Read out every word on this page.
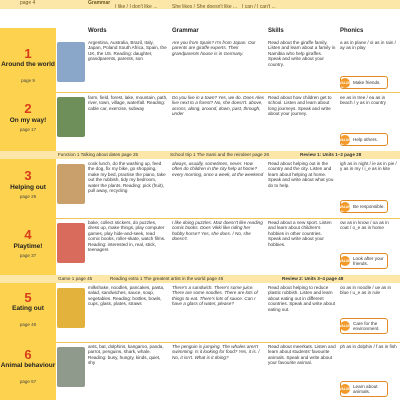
page 4	Grammar
I like / I don't like ...	She likes / She doesn't like ... I can / I can't ...
Words	Grammar	Skills	Phonics
1
Around the world
page 9
Argentina, Australia, Brazil, Italy, Japan, Poland South Africa, Spain, the UK, the US. Reading: daughter, grandparents, parents, son
Are you from Spain? I'm from Japan. Our parents are giraffe experts. Their grandparents house is in Germany.
Read about the giraffe family. Listen and learn about a family in Namibia who help giraffes. Speak and write about your country.
a as in plane / oi as in rain / ay as in play
VALUE Make friends.
2
On my way!
page 17
farm, field, forest, lake, mountain, path, river, town, village, waterfall. Reading: cable car, exercise, subway
Do you live in a town? Yes, we do. Does Alex live next to a forest? No, she doesn't. above, across, along, around, down, past, through, under
Read about how children get to school. Listen and learn about long journeys. Speak and write about your journey.
ee as in tree / ea as in beach / y as in country
VALUE Help others.
Function 1 Talking about dates page 25	School trip 1 The Sami and the reindeer page 26	Review 1: Units 1–2 page 28
3
Helping out
page 29
cook lunch, do the washing up, feed the dog, fix my bike, go shopping, make my bed, practise the piano, take out the rubbish, tidy my bedroom, water the plants. Reading: pick (fruit), pull away, recycling
always, usually, sometimes, never. How often do children in the city help at home? every morning, once a week, at the weekend
Read about helping out in the country and the city. Listen and learn about helping at home. Speak and write about what you do to help.
igh as in night / ie as in pie / y as in my / i_e as in kite
VALUE Be responsible.
4
Playtime!
page 37
bake, collect stickers, do puzzles, dress up, make things, play computer games, play hide-and-seek, read comic books, roller-skate, watch films. Reading: interested in, real, stick, teenagers
I like doing puzzles. Maz doesn't like reading comic books. Does Vikki like riding her hobby horse? Yes, she does. / No, she doesn't.
Read about a new sport. Listen and learn about children's hobbies in other countries. Speak and write about your hobbies.
ow as in know / oa as in coat / o_e as in home
VALUE Look after your friends.
Game 1 page 45	Reading extra 1 The greatest artist in the world page 46	Review 2: Units 3–4 page 48
5
Eating out
page 48
milkshake, noodles, pancakes, pasta, salad, sandwiches, sauce, soup, vegetables. Reading: bottles, bowls, cups, glass, plates, straws
There's a sandwich. There's some juice. There are some noodles. There are lots of things to eat. There's lots of sauce. Can I have a glass of water, please?
Read about helping to reduce plastic rubbish. Listen and learn about eating out in different countries. Speak and write about eating out.
oo as in noodle / ue as in blue / u_e as in rule
VALUE Care for the environment.
6
Animal behaviour
page 57
ants, bat, dolphins, kangaroo, panda, parrot, penguins, shark, whale. Reading: busy, hungry, kinds, quiet, shy
The penguin is jumping. The whales aren't swimming. Is it looking for food? Yes, it is. / No, it isn't. What is it doing?
Read about meerkats. Listen and learn about students' favourite animals. Speak and write about your favourite animal.
ph as in dolphin / f as in fish
VALUE Learn about animals.
